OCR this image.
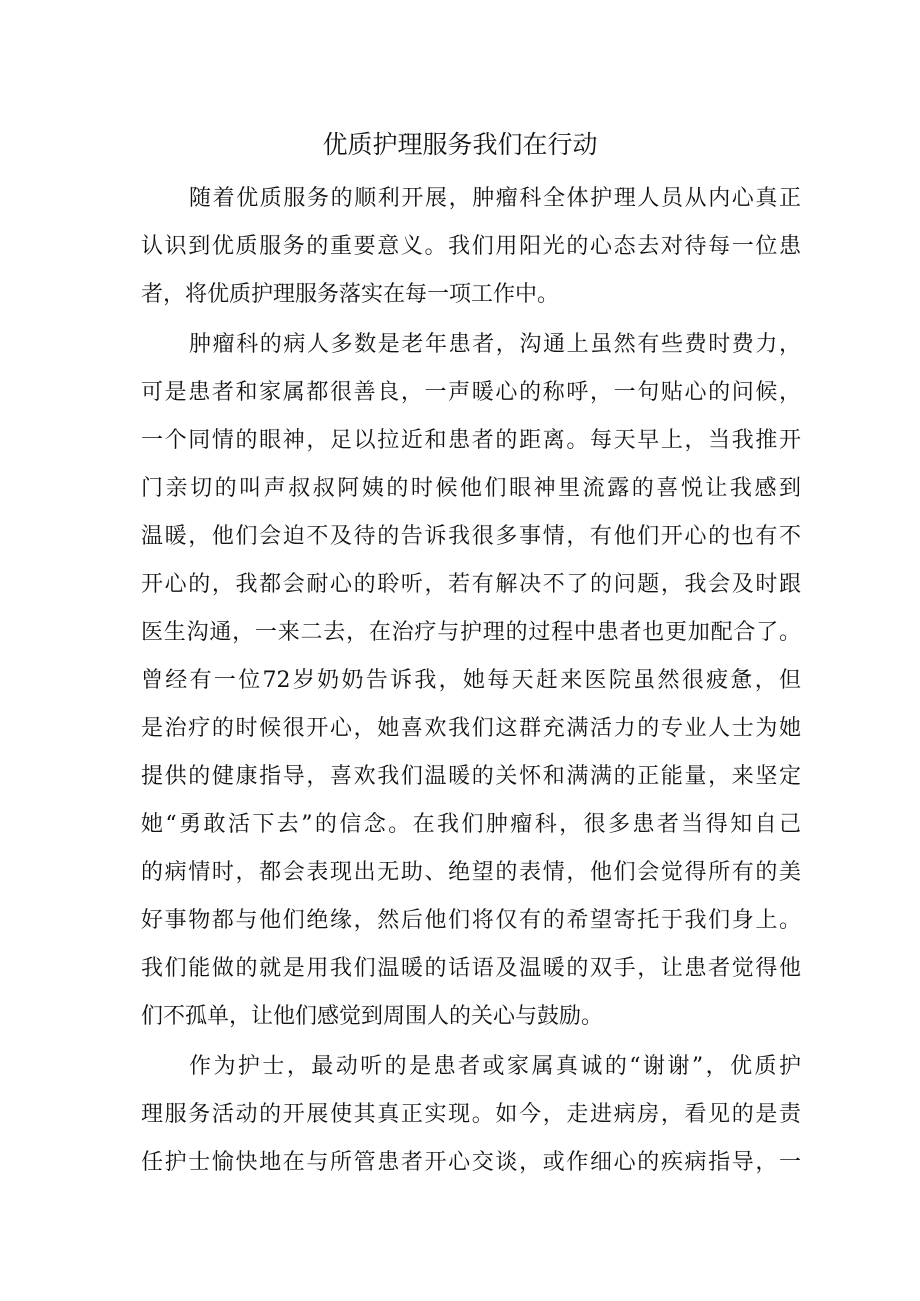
优质护理服务我们在行动

随着优质服务的顺利开展，肿瘤科全体护理人员从内心真正

认识到优质服务的重要意义。我们用阳光的心态去对待每一位患

者，将优质护理服务落实在每一项工作中。

肿瘤科的病人多数是老年患者，沟通上虽然有些费时费力，

可是患者和家属都很善良，一声暖心的称呼，一句贴心的问候，

一个同情的眼神，足以拉近和患者的距离。每天早上，当我推开

门亲切的叫声叔叔阿姨的时候他们眼神里流露的喜悦让我感到

温暖，他们会迫不及待的告诉我很多事情，有他们开心的也有不

开心的，我都会耐心的聆听，若有解决不了的问题，我会及时跟

医生沟通，一来二去，在治疗与护理的过程中患者也更加配合了。

曾经有一位72岁奶奶告诉我，她每天赶来医院虽然很疲惫，但

是治疗的时候很开心，她喜欢我们这群充满活力的专业人士为她

提供的健康指导，喜欢我们温暖的关怀和满满的正能量，来坚定

她“勇敢活下去”的信念。在我们肿瘤科，很多患者当得知自己

的病情时，都会表现出无助、绝望的表情，他们会觉得所有的美

好事物都与他们绝缘，然后他们将仅有的希望寄托于我们身上。

我们能做的就是用我们温暖的话语及温暖的双手，让患者觉得他

们不孤单，让他们感觉到周围人的关心与鼓励。

作为护士，最动听的是患者或家属真诚的“谢谢”，优质护

理服务活动的开展使其真正实现。如今，走进病房，看见的是责

任护士愉快地在与所管患者开心交谈，或作细心的疾病指导，一
